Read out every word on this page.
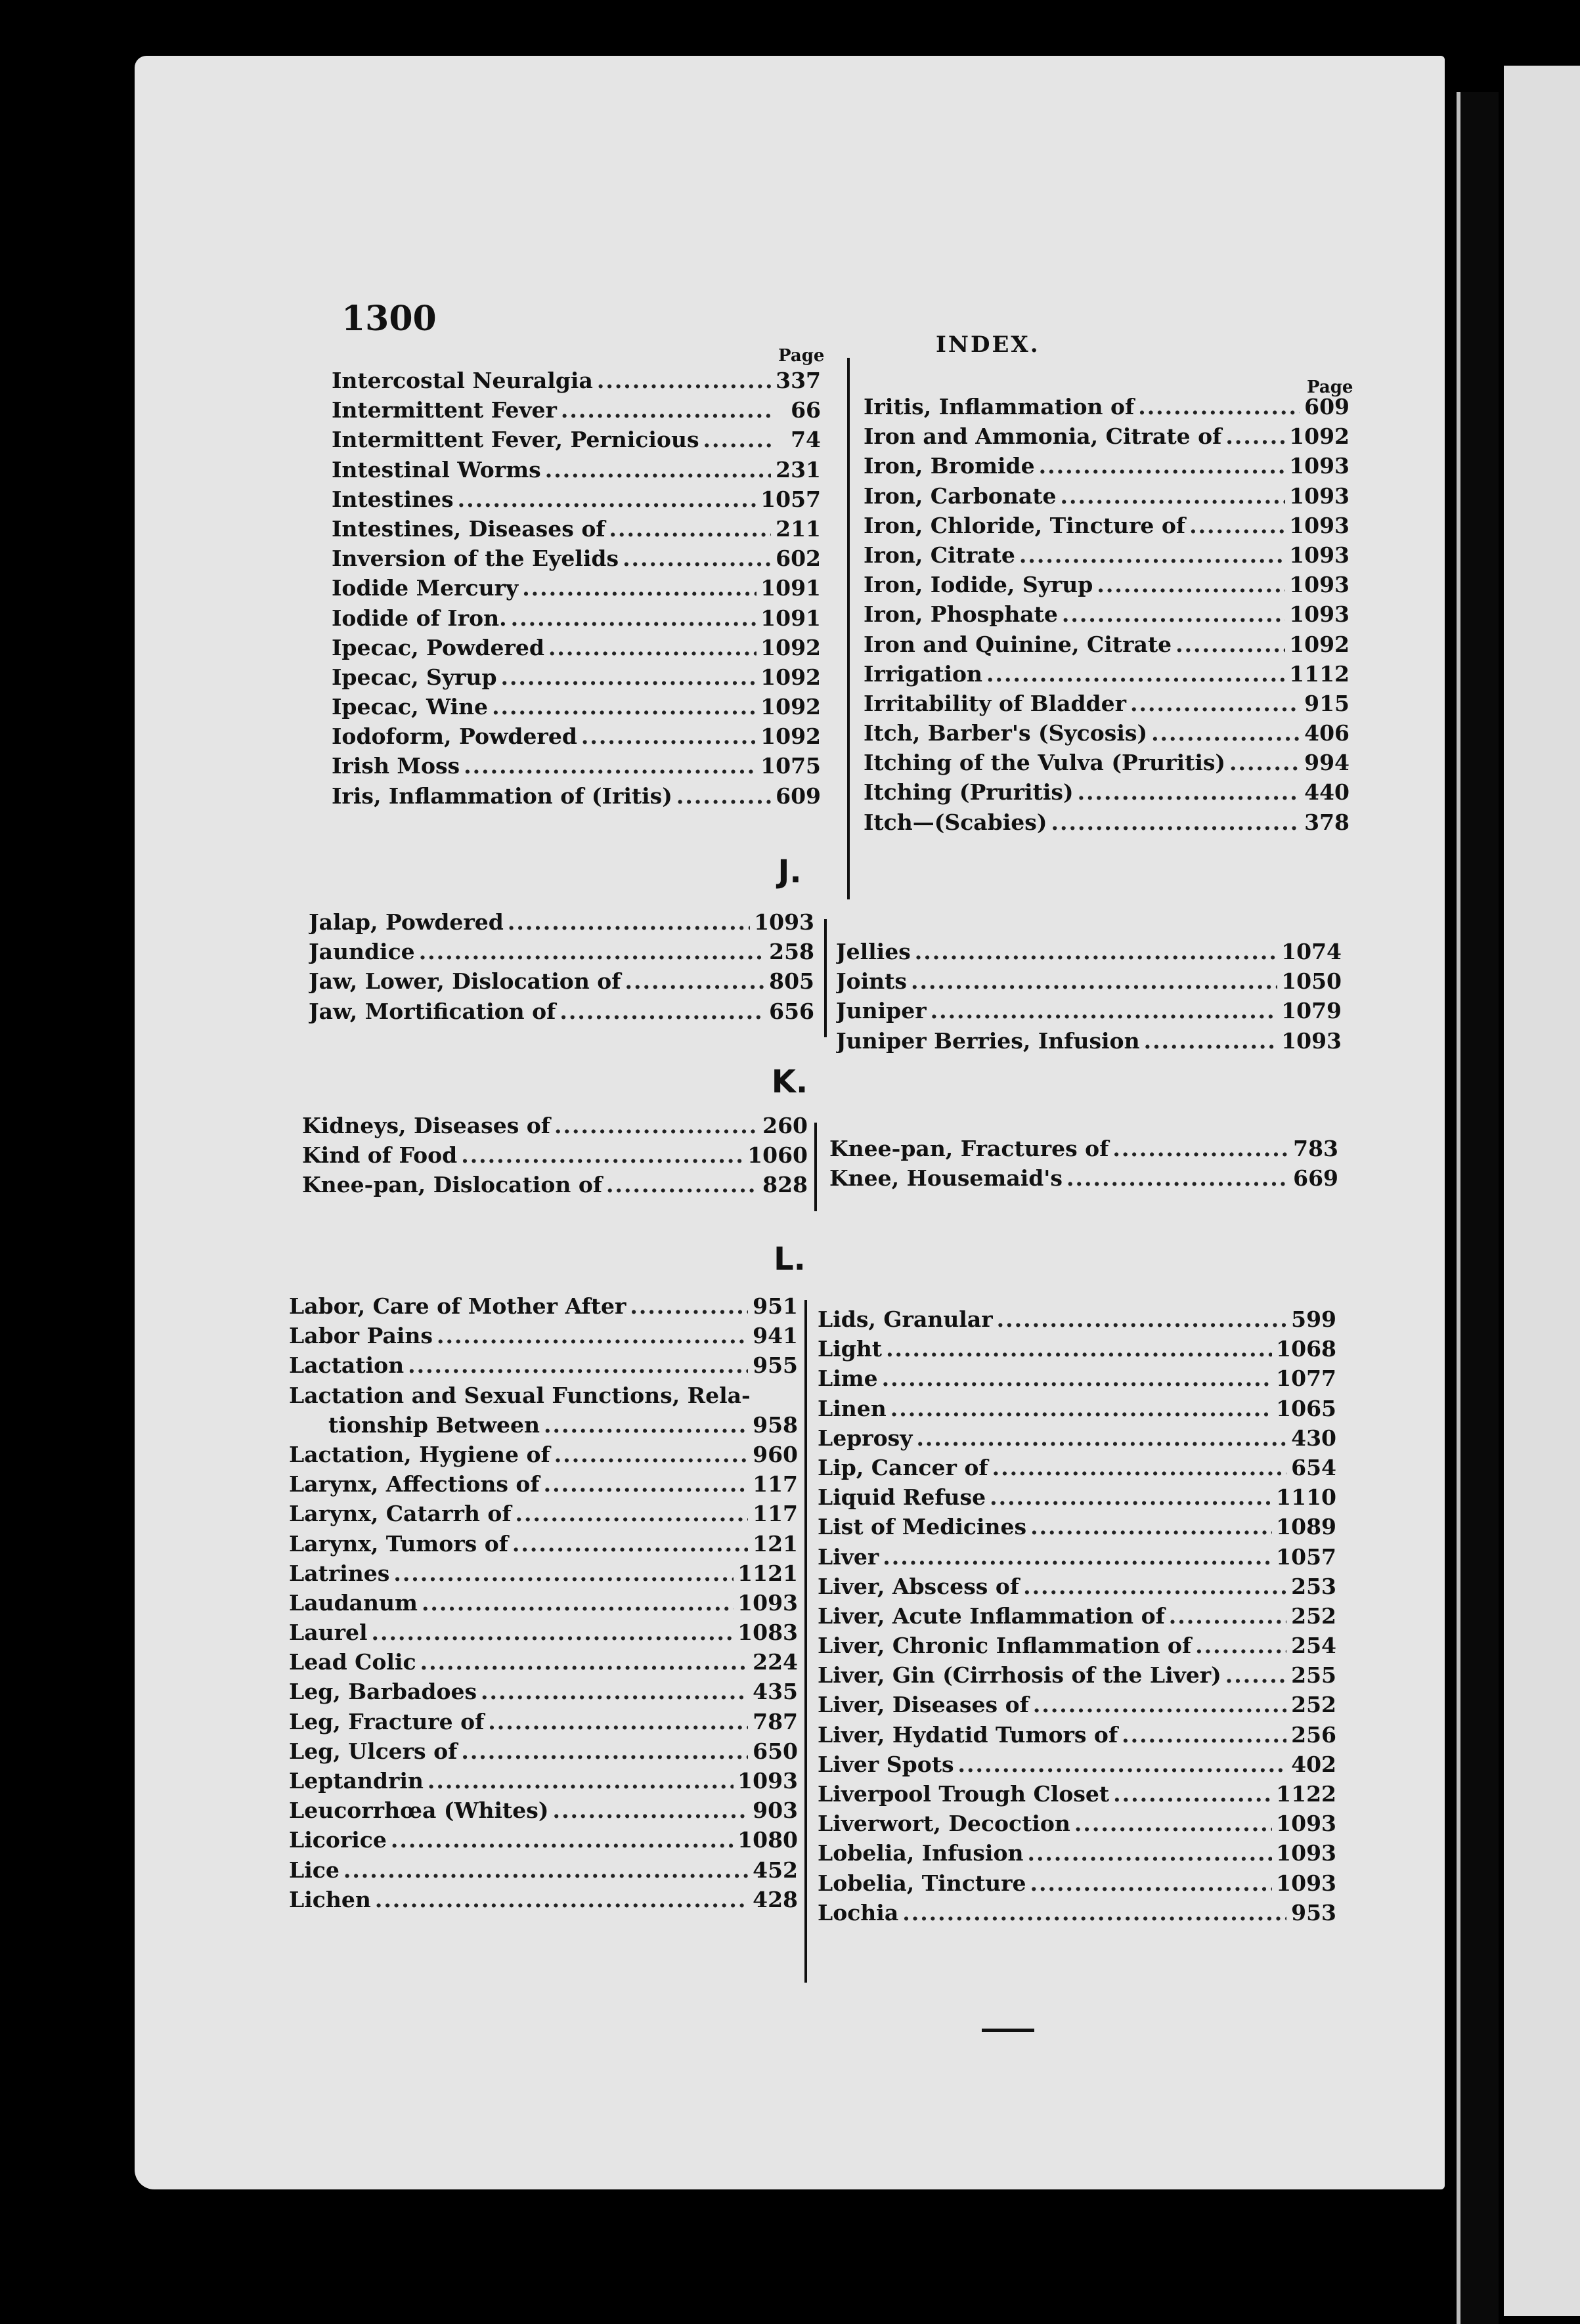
1300
INDEX.
Page
Page
Intercostal Neuralgia .....	337
Intermittent Fever .....	66
Intermittent Fever, Pernicious .....	74
Intestinal Worms .....	231
Intestines .....	1057
Intestines, Diseases of .....	211
Inversion of the Eyelids .....	602
Iodide Mercury .....	1091
Iodide of Iron. .....	1091
Ipecac, Powdered .....	1092
Ipecac, Syrup .....	1092
Ipecac, Wine .....	1092
Iodoform, Powdered .....	1092
Irish Moss .....	1075
Iris, Inflammation of (Iritis) .....	609
Iritis, Inflammation of .....	609
Iron and Ammonia, Citrate of .....	1092
Iron, Bromide .....	1093
Iron, Carbonate .....	1093
Iron, Chloride, Tincture of .....	1093
Iron, Citrate .....	1093
Iron, Iodide, Syrup .....	1093
Iron, Phosphate .....	1093
Iron and Quinine, Citrate .....	1092
Irrigation .....	1112
Irritability of Bladder .....	915
Itch, Barber's (Sycosis) .....	406
Itching of the Vulva (Pruritis) .....	994
Itching (Pruritis) .....	440
Itch—(Scabies) .....	378
J.
Jalap, Powdered .....	1093
Jaundice .....	258
Jaw, Lower, Dislocation of .....	805
Jaw, Mortification of .....	656
Jellies .....	1074
Joints .....	1050
Juniper .....	1079
Juniper Berries, Infusion .....	1093
K.
Kidneys, Diseases of .....	260
Kind of Food .....	1060
Knee-pan, Dislocation of .....	828
Knee-pan, Fractures of .....	783
Knee, Housemaid's .....	669
L.
Labor, Care of Mother After .....	951
Labor Pains .....	941
Lactation .....	955
Lactation and Sexual Functions, Rela-
tionship Between .....	958
Lactation, Hygiene of .....	960
Larynx, Affections of .....	117
Larynx, Catarrh of .....	117
Larynx, Tumors of .....	121
Latrines .....	1121
Laudanum .....	1093
Laurel .....	1083
Lead Colic .....	224
Leg, Barbadoes .....	435
Leg, Fracture of .....	787
Leg, Ulcers of .....	650
Leptandrin .....	1093
Leucorrhœa (Whites) .....	903
Licorice .....	1080
Lice .....	452
Lichen .....	428
Lids, Granular .....	599
Light .....	1068
Lime .....	1077
Linen .....	1065
Leprosy .....	430
Lip, Cancer of .....	654
Liquid Refuse .....	1110
List of Medicines .....	1089
Liver .....	1057
Liver, Abscess of .....	253
Liver, Acute Inflammation of .....	252
Liver, Chronic Inflammation of .....	254
Liver, Gin (Cirrhosis of the Liver) .....	255
Liver, Diseases of .....	252
Liver, Hydatid Tumors of .....	256
Liver Spots .....	402
Liverpool Trough Closet .....	1122
Liverwort, Decoction .....	1093
Lobelia, Infusion .....	1093
Lobelia, Tincture .....	1093
Lochia .....	953
